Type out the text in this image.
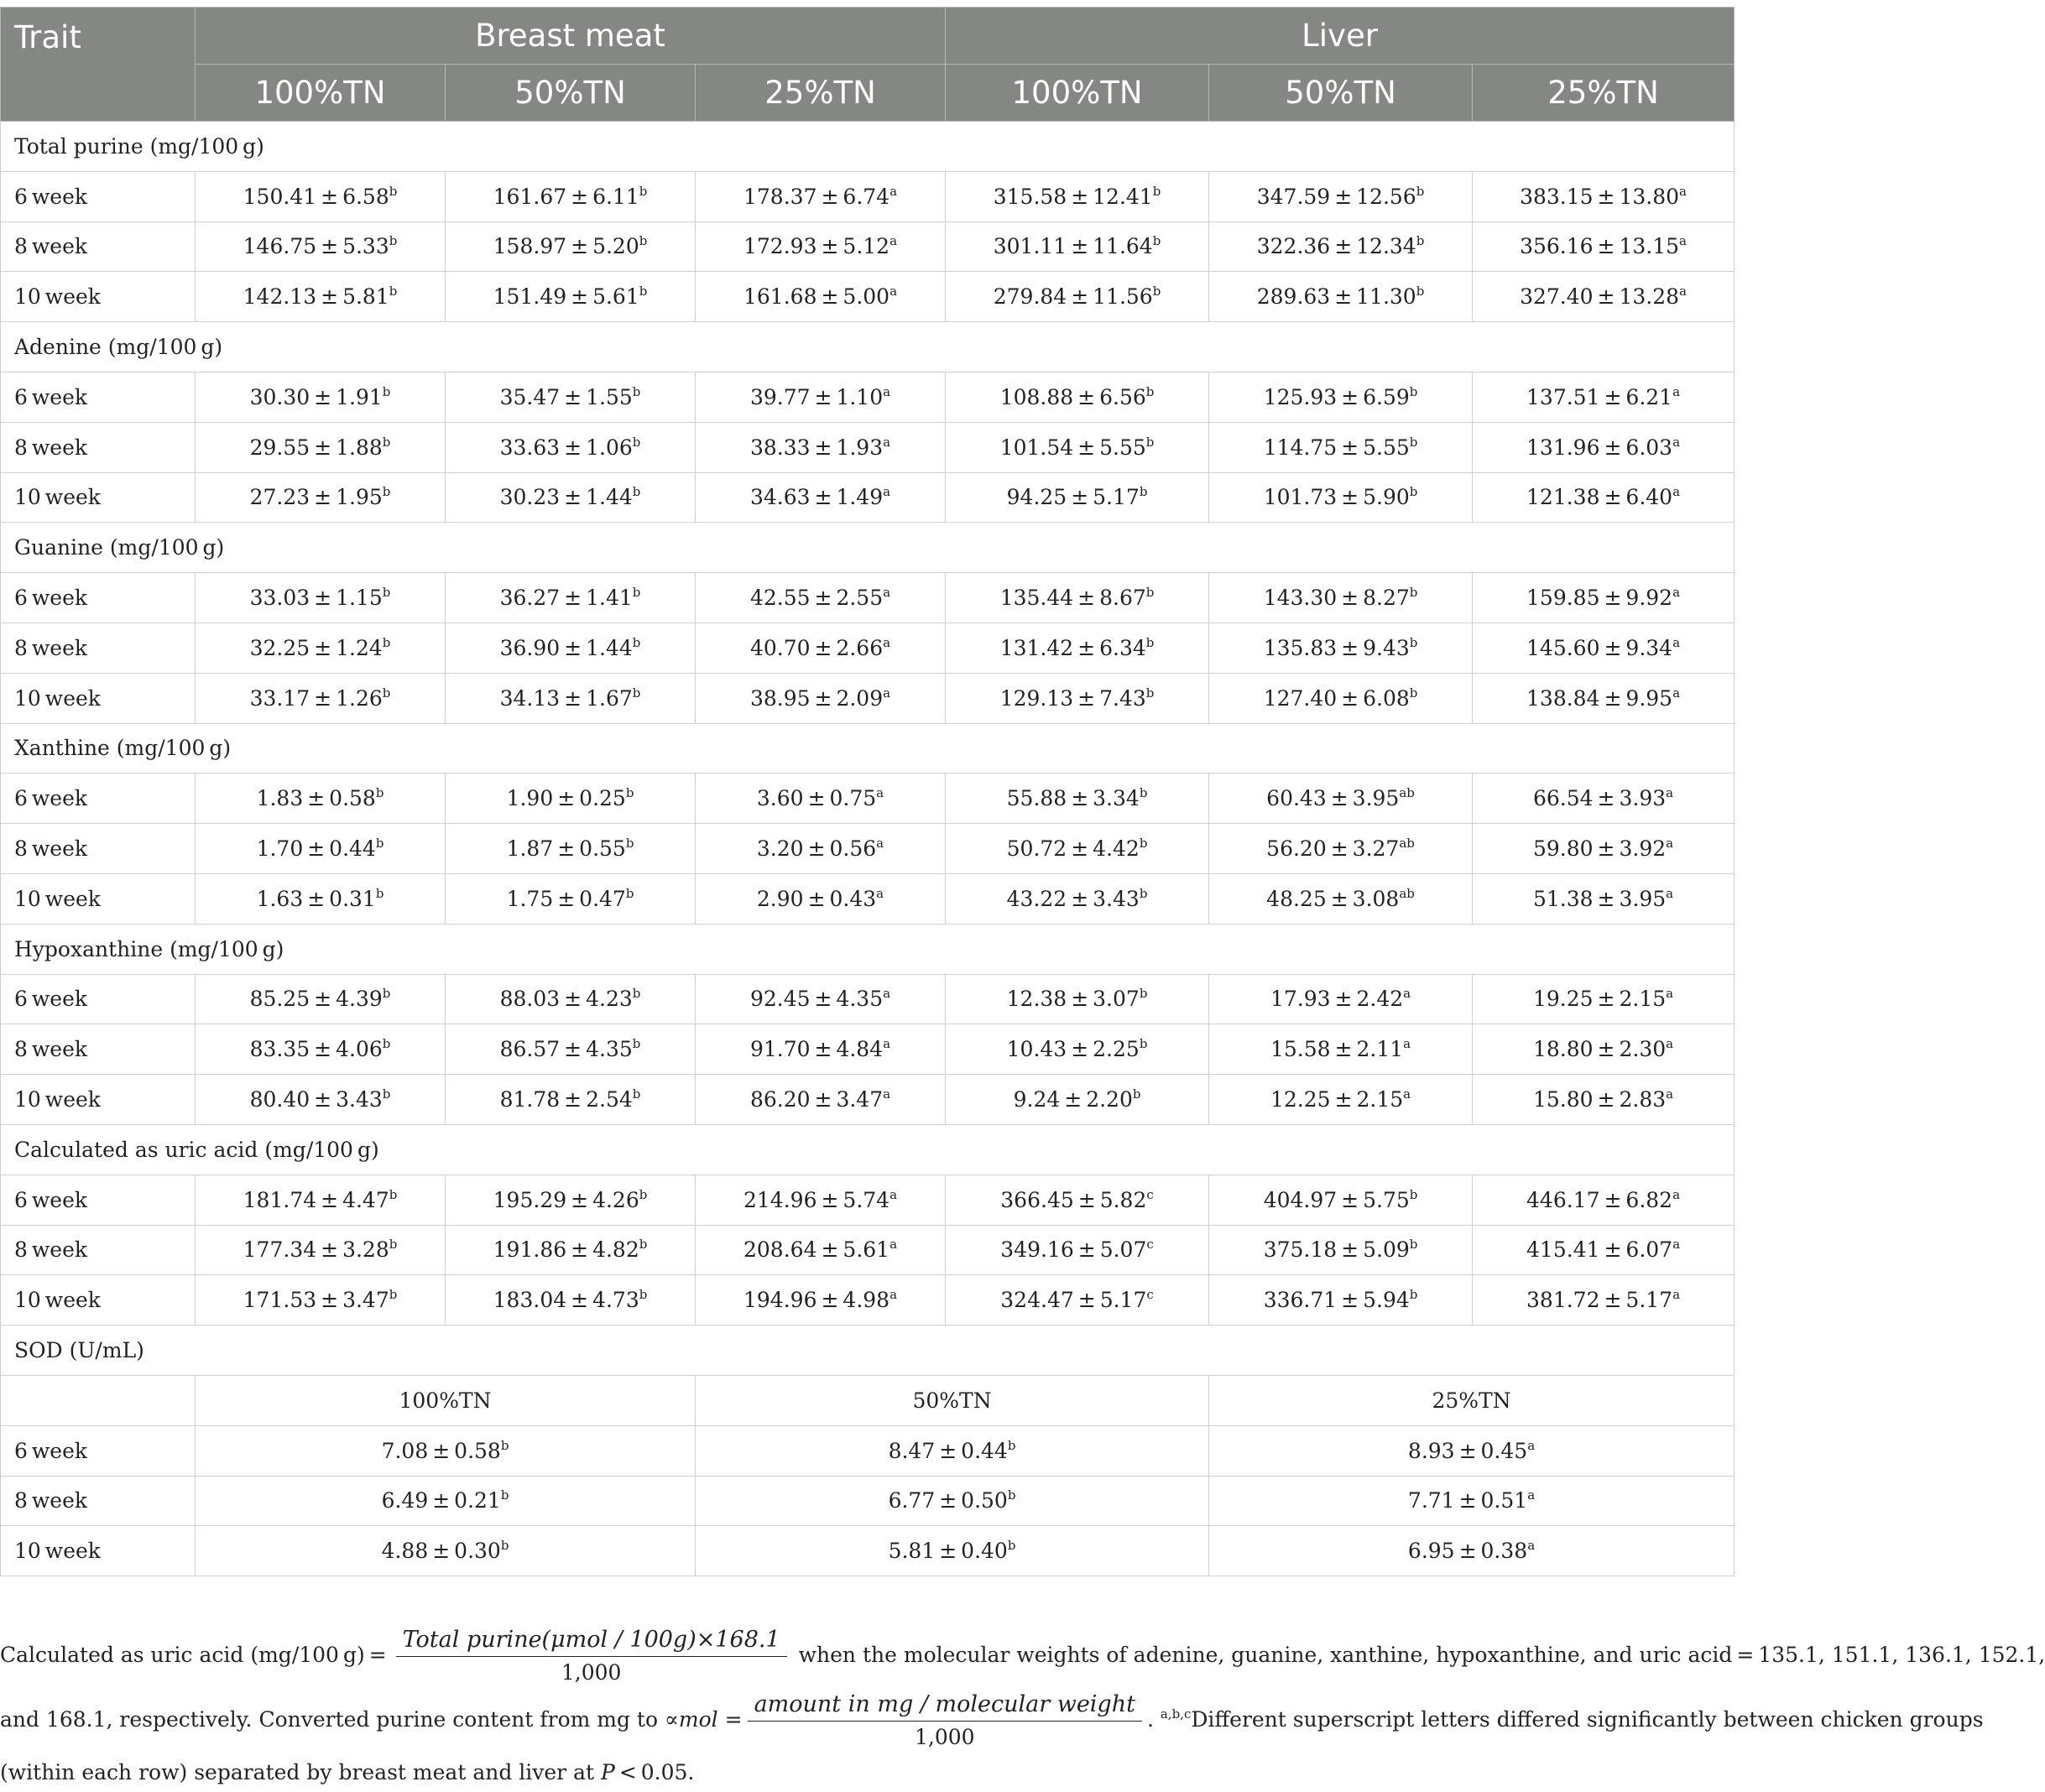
Trait	Breast meat			Liver		
	100%TN	50%TN	25%TN	100%TN	50%TN	25%TN
Total purine (mg/100 g)						
6 week	150.41 ± 6.58$^b$	161.67 ± 6.11$^b$	178.37 ± 6.74$^a$	315.58 ± 12.41$^b$	347.59 ± 12.56$^b$	383.15 ± 13.80$^a$
8 week	146.75 ± 5.33$^b$	158.97 ± 5.20$^b$	172.93 ± 5.12$^a$	301.11 ± 11.64$^b$	322.36 ± 12.34$^b$	356.16 ± 13.15$^a$
10 week	142.13 ± 5.81$^b$	151.49 ± 5.61$^b$	161.68 ± 5.00$^a$	279.84 ± 11.56$^b$	289.63 ± 11.30$^b$	327.40 ± 13.28$^a$
Adenine (mg/100 g)						
6 week	30.30 ± 1.91$^b$	35.47 ± 1.55$^b$	39.77 ± 1.10$^a$	108.88 ± 6.56$^b$	125.93 ± 6.59$^b$	137.51 ± 6.21$^a$
8 week	29.55 ± 1.88$^b$	33.63 ± 1.06$^b$	38.33 ± 1.93$^a$	101.54 ± 5.55$^b$	114.75 ± 5.55$^b$	131.96 ± 6.03$^a$
10 week	27.23 ± 1.95$^b$	30.23 ± 1.44$^b$	34.63 ± 1.49$^a$	94.25 ± 5.17$^b$	101.73 ± 5.90$^b$	121.38 ± 6.40$^a$
Guanine (mg/100 g)						
6 week	33.03 ± 1.15$^b$	36.27 ± 1.41$^b$	42.55 ± 2.55$^a$	135.44 ± 8.67$^b$	143.30 ± 8.27$^b$	159.85 ± 9.92$^a$
8 week	32.25 ± 1.24$^b$	36.90 ± 1.44$^b$	40.70 ± 2.66$^a$	131.42 ± 6.34$^b$	135.83 ± 9.43$^b$	145.60 ± 9.34$^a$
10 week	33.17 ± 1.26$^b$	34.13 ± 1.67$^b$	38.95 ± 2.09$^a$	129.13 ± 7.43$^b$	127.40 ± 6.08$^b$	138.84 ± 9.95$^a$
Xanthine (mg/100 g)						
6 week	1.83 ± 0.58$^b$	1.90 ± 0.25$^b$	3.60 ± 0.75$^a$	55.88 ± 3.34$^b$	60.43 ± 3.95$^{ab}$	66.54 ± 3.93$^a$
8 week	1.70 ± 0.44$^b$	1.87 ± 0.55$^b$	3.20 ± 0.56$^a$	50.72 ± 4.42$^b$	56.20 ± 3.27$^{ab}$	59.80 ± 3.92$^a$
10 week	1.63 ± 0.31$^b$	1.75 ± 0.47$^b$	2.90 ± 0.43$^a$	43.22 ± 3.43$^b$	48.25 ± 3.08$^{ab}$	51.38 ± 3.95$^a$
Hypoxanthine (mg/100 g)						
6 week	85.25 ± 4.39$^b$	88.03 ± 4.23$^b$	92.45 ± 4.35$^a$	12.38 ± 3.07$^b$	17.93 ± 2.42$^a$	19.25 ± 2.15$^a$
8 week	83.35 ± 4.06$^b$	86.57 ± 4.35$^b$	91.70 ± 4.84$^a$	10.43 ± 2.25$^b$	15.58 ± 2.11$^a$	18.80 ± 2.30$^a$
10 week	80.40 ± 3.43$^b$	81.78 ± 2.54$^b$	86.20 ± 3.47$^a$	9.24 ± 2.20$^b$	12.25 ± 2.15$^a$	15.80 ± 2.83$^a$
Calculated as uric acid (mg/100 g)						
6 week	181.74 ± 4.47$^b$	195.29 ± 4.26$^b$	214.96 ± 5.74$^a$	366.45 ± 5.82$^c$	404.97 ± 5.75$^b$	446.17 ± 6.82$^a$
8 week	177.34 ± 3.28$^b$	191.86 ± 4.82$^b$	208.64 ± 5.61$^a$	349.16 ± 5.07$^c$	375.18 ± 5.09$^b$	415.41 ± 6.07$^a$
10 week	171.53 ± 3.47$^b$	183.04 ± 4.73$^b$	194.96 ± 4.98$^a$	324.47 ± 5.17$^c$	336.71 ± 5.94$^b$	381.72 ± 5.17$^a$
SOD (U/mL)						
	100%TN		50%TN		25%TN	
6 week	7.08 ± 0.58$^b$		8.47 ± 0.44$^b$		8.93 ± 0.45$^a$
8 week	6.49 ± 0.21$^b$		6.77 ± 0.50$^b$		7.71 ± 0.51$^a$
10 week	4.88 ± 0.30$^b$		5.81 ± 0.40$^b$		6.95 ± 0.38$^a$
Calculated as uric acid (mg/100 $g) = \frac{\text{Total purine(μmol / 100g)×168.1}}{1,000}$ when the molecular weights of adenine, guanine, xanthine, hypoxanthine, and uric acid = 135.1, 151.1, 136.1, 152.1,
and 168.1, respectively. Converted purine content from mg to $\propto mol = \frac{\text{amount in mg / molecular weight}}{1,000}$ . $^{a,b,c}$Different superscript letters differed significantly between chicken groups
(within each row) separated by breast meat and liver at P < 0.05.
